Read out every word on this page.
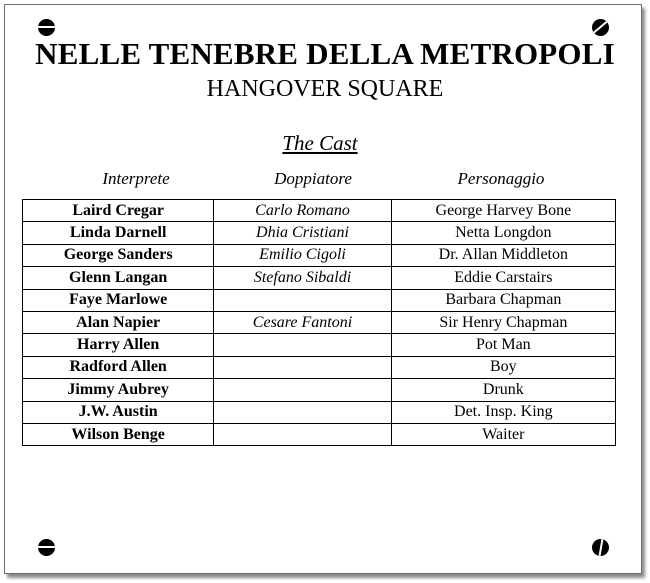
NELLE TENEBRE DELLA METROPOLI
HANGOVER SQUARE
The Cast
Interprete	Doppiatore	Personaggio
Laird Cregar	Carlo Romano	George Harvey Bone
Linda Darnell	Dhia Cristiani	Netta Longdon
George Sanders	Emilio Cigoli	Dr. Allan Middleton
Glenn Langan	Stefano Sibaldi	Eddie Carstairs
Faye Marlowe		Barbara Chapman
Alan Napier	Cesare Fantoni	Sir Henry Chapman
Harry Allen		Pot Man
Radford Allen		Boy
Jimmy Aubrey		Drunk
J.W. Austin		Det. Insp. King
Wilson Benge		Waiter
